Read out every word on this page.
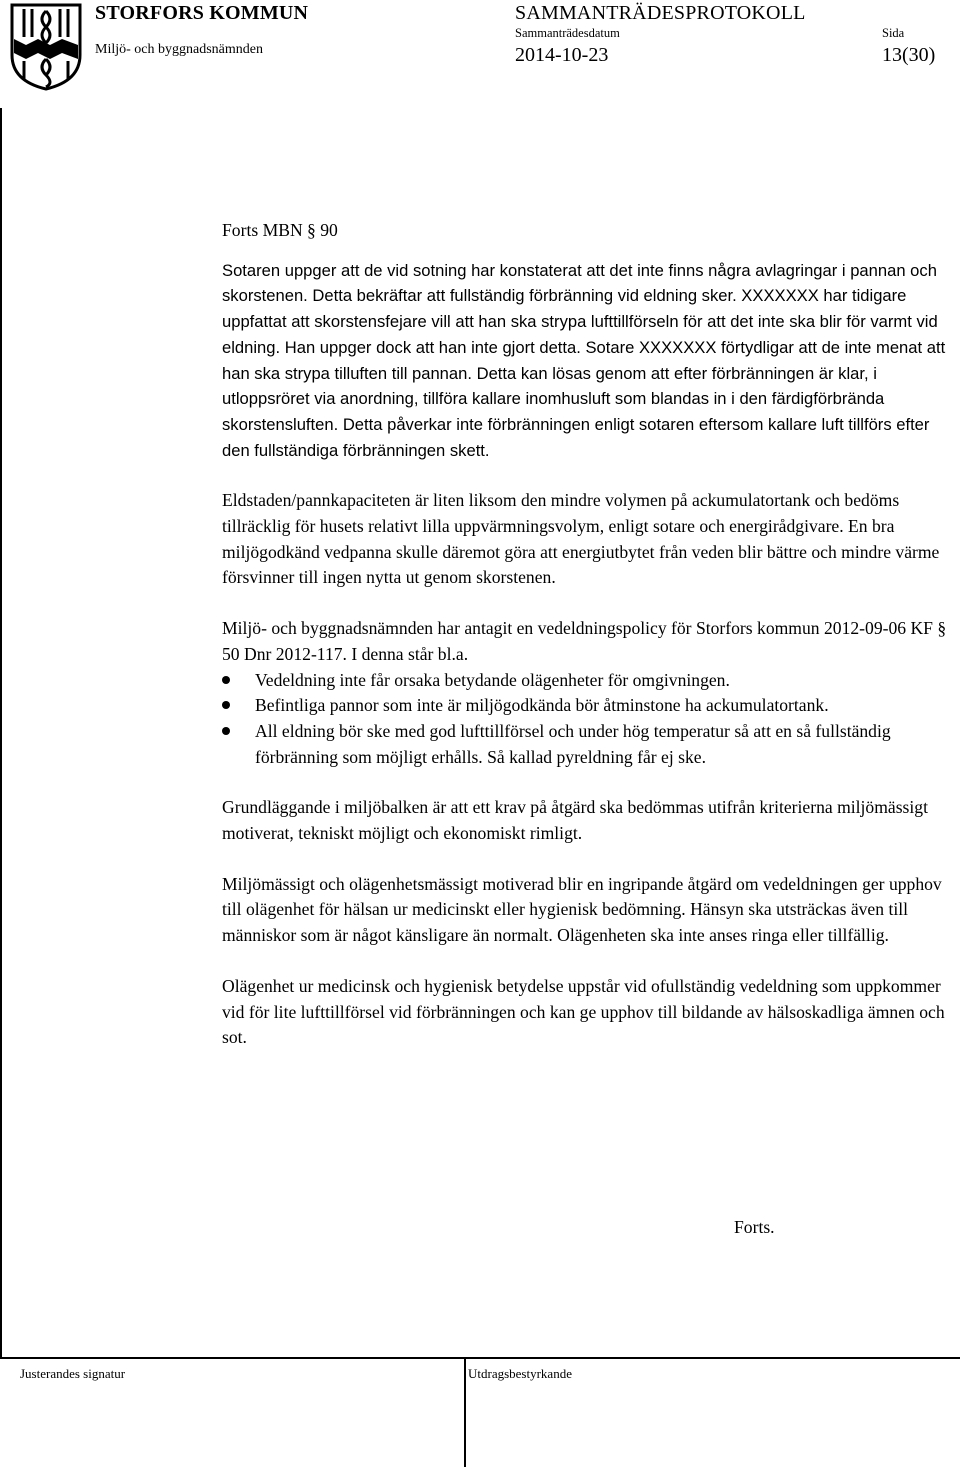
STORFORS KOMMUN
Miljö- och byggnadsnämnden
SAMMANTRÄDESPROTOKOLL
Sammanträdesdatum	Sida
2014-10-23	13(30)

Forts MBN § 90

Sotaren uppger att de vid sotning har konstaterat att det inte finns några avlagringar i pannan och skorstenen. Detta bekräftar att fullständig förbränning vid eldning sker. XXXXXXX har tidigare uppfattat att skorstensfejare vill att han ska strypa lufttillförseln för att det inte ska blir för varmt vid eldning. Han uppger dock att han inte gjort detta. Sotare XXXXXXX förtydligar att de inte menat att han ska strypa tilluften till pannan. Detta kan lösas genom att efter förbränningen är klar, i utloppsröret via anordning, tillföra kallare inomhusluft som blandas in i den färdigförbrända skorstensluften. Detta påverkar inte förbränningen enligt sotaren eftersom kallare luft tillförs efter den fullständiga förbränningen skett.

Eldstaden/pannkapaciteten är liten liksom den mindre volymen på ackumulatortank och bedöms tillräcklig för husets relativt lilla uppvärmningsvolym, enligt sotare och energirådgivare. En bra miljögodkänd vedpanna skulle däremot göra att energiutbytet från veden blir bättre och mindre värme försvinner till ingen nytta ut genom skorstenen.

Miljö- och byggnadsnämnden har antagit en vedeldningspolicy för Storfors kommun 2012-09-06 KF § 50 Dnr 2012-117. I denna står bl.a.

Vedeldning inte får orsaka betydande olägenheter för omgivningen.
Befintliga pannor som inte är miljögodkända bör åtminstone ha ackumulatortank.
All eldning bör ske med god lufttillförsel och under hög temperatur så att en så fullständig förbränning som möjligt erhålls. Så kallad pyreldning får ej ske.

Grundläggande i miljöbalken är att ett krav på åtgärd ska bedömmas utifrån kriterierna miljömässigt motiverat, tekniskt möjligt och ekonomiskt rimligt.

Miljömässigt och olägenhetsmässigt motiverad blir en ingripande åtgärd om vedeldningen ger upphov till olägenhet för hälsan ur medicinskt eller hygienisk bedömning. Hänsyn ska utsträckas även till människor som är något känsligare än normalt. Olägenheten ska inte anses ringa eller tillfällig.

Olägenhet ur medicinsk och hygienisk betydelse uppstår vid ofullständig vedeldning som uppkommer vid för lite lufttillförsel vid förbränningen och kan ge upphov till bildande av hälsoskadliga ämnen och sot.

Forts.
Justerandes signatur	Utdragsbestyrkande
